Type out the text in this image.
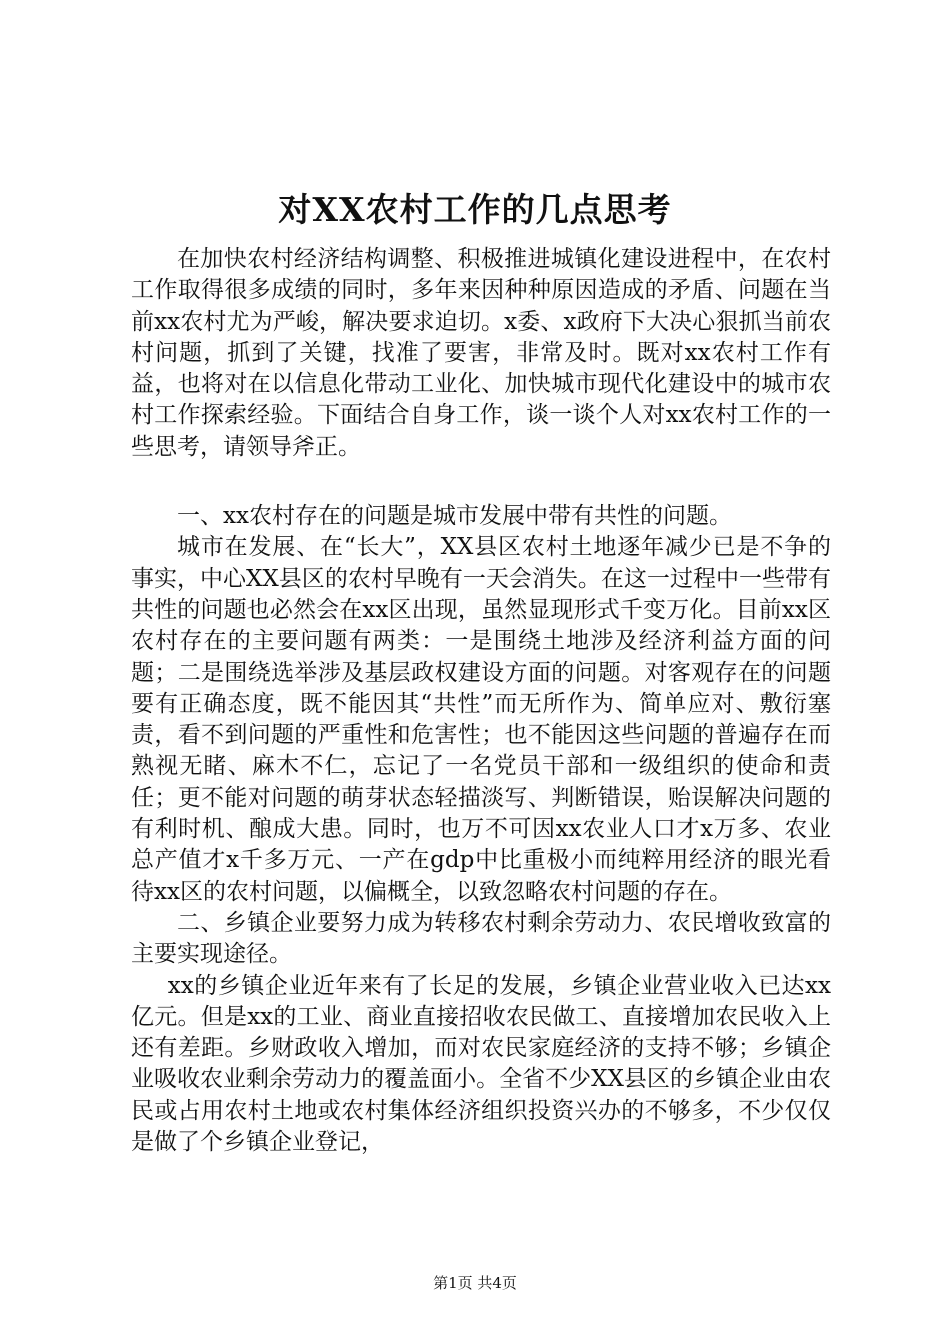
对XX农村工作的几点思考

在加快农村经济结构调整、积极推进城镇化建设进程中，在农村工作取得很多成绩的同时，多年来因种种原因造成的矛盾、问题在当前xx农村尤为严峻，解决要求迫切。x委、x政府下大决心狠抓当前农村问题，抓到了关键，找准了要害，非常及时。既对xx农村工作有益，也将对在以信息化带动工业化、加快城市现代化建设中的城市农村工作探索经验。下面结合自身工作，谈一谈个人对xx农村工作的一些思考，请领导斧正。

一、xx农村存在的问题是城市发展中带有共性的问题。

城市在发展、在“长大”，XX县区农村土地逐年减少已是不争的事实，中心XX县区的农村早晚有一天会消失。在这一过程中一些带有共性的问题也必然会在xx区出现，虽然显现形式千变万化。目前xx区农村存在的主要问题有两类：一是围绕土地涉及经济利益方面的问题；二是围绕选举涉及基层政权建设方面的问题。对客观存在的问题要有正确态度，既不能因其“共性”而无所作为、简单应对、敷衍塞责，看不到问题的严重性和危害性；也不能因这些问题的普遍存在而熟视无睹、麻木不仁，忘记了一名党员干部和一级组织的使命和责任；更不能对问题的萌芽状态轻描淡写、判断错误，贻误解决问题的有利时机、酿成大患。同时，也万不可因xx农业人口才x万多、农业总产值才x千多万元、一产在gdp中比重极小而纯粹用经济的眼光看待xx区的农村问题，以偏概全，以致忽略农村问题的存在。

二、乡镇企业要努力成为转移农村剩余劳动力、农民增收致富的主要实现途径。

xx的乡镇企业近年来有了长足的发展，乡镇企业营业收入已达xx亿元。但是xx的工业、商业直接招收农民做工、直接增加农民收入上还有差距。乡财政收入增加，而对农民家庭经济的支持不够；乡镇企业吸收农业剩余劳动力的覆盖面小。全省不少XX县区的乡镇企业由农民或占用农村土地或农村集体经济组织投资兴办的不够多，不少仅仅是做了个乡镇企业登记，

第1页 共4页
